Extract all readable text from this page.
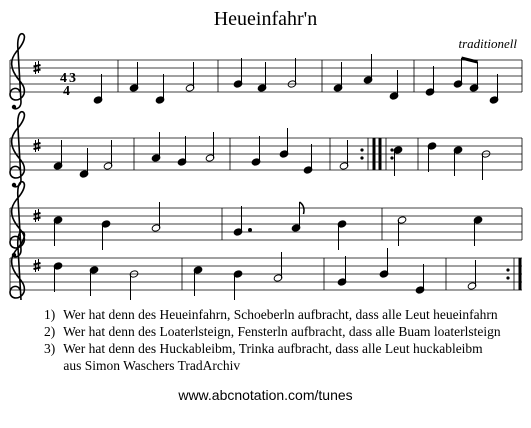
Heueinfahr'n
traditionell
4 3
4
1) Wer hat denn des Heueinfahrn, Schoeberln aufbracht, dass alle Leut heueinfahrn
2) Wer hat denn des Loaterlsteign, Fensterln aufbracht, dass alle Buam loaterlsteign
3) Wer hat denn des Huckableibm, Trinka aufbracht, dass alle Leut huckableibm
aus Simon Waschers TradArchiv
www.abcnotation.com/tunes
